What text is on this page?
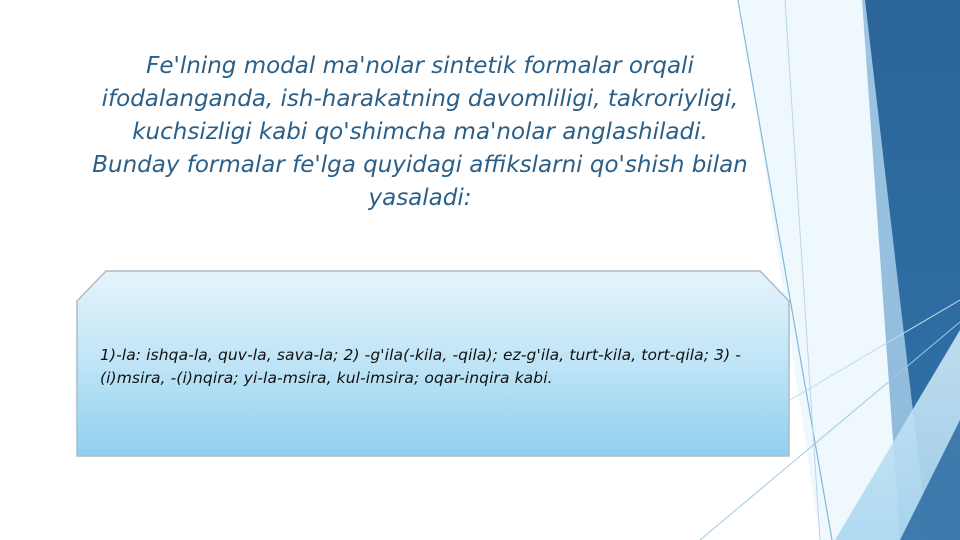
Fe'lning modal ma'nolar sintetik formalar orqali

ifodalanganda, ish-harakatning davomliligi, takroriyligi,

kuchsizligi kabi qo'shimcha ma'nolar anglashiladi.

Bunday formalar fe'lga quyidagi affikslarni qo'shish bilan

yasaladi:

1)-la: ishqa-la, quv-la, sava-la; 2) -g'ila(-kila, -qila); ez-g'ila, turt-kila, tort-qila; 3) -(i)msira, -(i)nqira; yi-la-msira, kul-imsira; oqar-inqira kabi.
